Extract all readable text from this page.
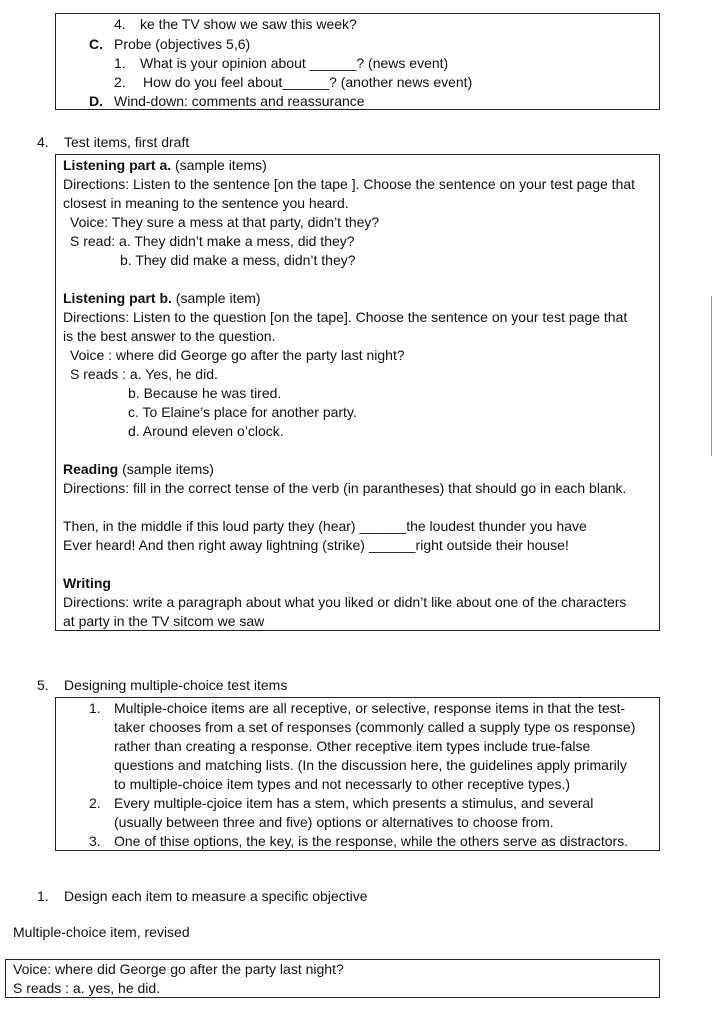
4. ke the TV show we saw this week?
C. Probe (objectives 5,6)
1. What is your opinion about ______? (news event)
2. How do you feel about______? (another news event)
D. Wind-down: comments and reassurance
4. Test items, first draft
Listening part a. (sample items)
Directions: Listen to the sentence [on the tape ]. Choose the sentence on your test page that
closest in meaning to the sentence you heard.
Voice: They sure a mess at that party, didn’t they?
S read: a. They didn’t make a mess, did they?
b. They did make a mess, didn’t they?
Listening part b. (sample item)
Directions: Listen to the question [on the tape]. Choose the sentence on your test page that
is the best answer to the question.
Voice : where did George go after the party last night?
S reads : a. Yes, he did.
b. Because he was tired.
c. To Elaine’s place for another party.
d. Around eleven o’clock.
Reading (sample items)
Directions: fill in the correct tense of the verb (in parantheses) that should go in each blank.
Then, in the middle if this loud party they (hear) ______the loudest thunder you have
Ever heard! And then right away lightning (strike) ______right outside their house!
Writing
Directions: write a paragraph about what you liked or didn’t like about one of the characters
at party in the TV sitcom we saw
5. Designing multiple-choice test items
1. Multiple-choice items are all receptive, or selective, response items in that the test-
taker chooses from a set of responses (commonly called a supply type os response)
rather than creating a response. Other receptive item types include true-false
questions and matching lists. (In the discussion here, the guidelines apply primarily
to multiple-choice item types and not necessarly to other receptive types.)
2. Every multiple-cjoice item has a stem, which presents a stimulus, and several
(usually between three and five) options or alternatives to choose from.
3. One of thise options, the key, is the response, while the others serve as distractors.
1. Design each item to measure a specific objective
Multiple-choice item, revised
Voice: where did George go after the party last night?
S reads : a. yes, he did.
